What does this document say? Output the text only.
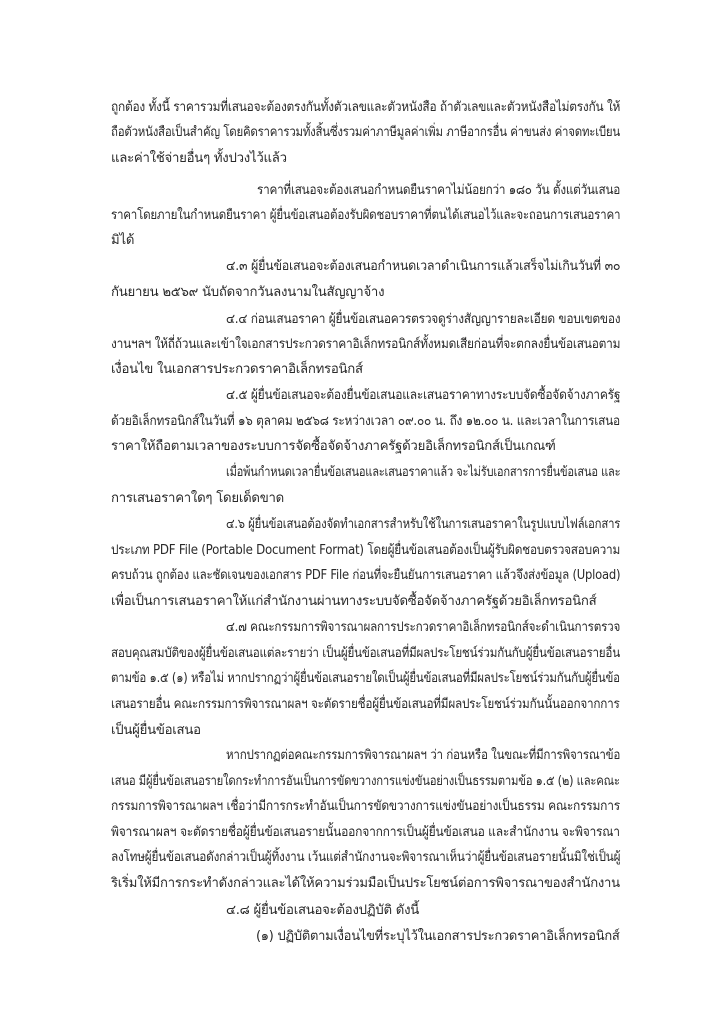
ถูกต้อง ทั้งนี้ ราคารวมที่เสนอจะต้องตรงกันทั้งตัวเลขและตัวหนังสือ ถ้าตัวเลขและตัวหนังสือไม่ตรงกัน ให้
ถือตัวหนังสือเป็นสำคัญ โดยคิดราคารวมทั้งสิ้นซึ่งรวมค่าภาษีมูลค่าเพิ่ม ภาษีอากรอื่น ค่าขนส่ง ค่าจดทะเบียน
และค่าใช้จ่ายอื่นๆ ทั้งปวงไว้แล้ว
ราคาที่เสนอจะต้องเสนอกำหนดยืนราคาไม่น้อยกว่า ๑๘๐ วัน ตั้งแต่วันเสนอ
ราคาโดยภายในกำหนดยืนราคา ผู้ยื่นข้อเสนอต้องรับผิดชอบราคาที่ตนได้เสนอไว้และจะถอนการเสนอราคา
มิได้
๔.๓ ผู้ยื่นข้อเสนอจะต้องเสนอกำหนดเวลาดำเนินการแล้วเสร็จไม่เกินวันที่ ๓๐
กันยายน ๒๕๖๙ นับถัดจากวันลงนามในสัญญาจ้าง
๔.๔ ก่อนเสนอราคา ผู้ยื่นข้อเสนอควรตรวจดูร่างสัญญารายละเอียด ขอบเขตของ
งานฯลฯ ให้ถี่ถ้วนและเข้าใจเอกสารประกวดราคาอิเล็กทรอนิกส์ทั้งหมดเสียก่อนที่จะตกลงยื่นข้อเสนอตาม
เงื่อนไข ในเอกสารประกวดราคาอิเล็กทรอนิกส์
๔.๕ ผู้ยื่นข้อเสนอจะต้องยื่นข้อเสนอและเสนอราคาทางระบบจัดซื้อจัดจ้างภาครัฐ
ด้วยอิเล็กทรอนิกส์ในวันที่ ๑๖ ตุลาคม ๒๕๖๘ ระหว่างเวลา ๐๙.๐๐ น. ถึง ๑๒.๐๐ น. และเวลาในการเสนอ
ราคาให้ถือตามเวลาของระบบการจัดซื้อจัดจ้างภาครัฐด้วยอิเล็กทรอนิกส์เป็นเกณฑ์
เมื่อพ้นกำหนดเวลายื่นข้อเสนอและเสนอราคาแล้ว จะไม่รับเอกสารการยื่นข้อเสนอ และ
การเสนอราคาใดๆ โดยเด็ดขาด
๔.๖ ผู้ยื่นข้อเสนอต้องจัดทำเอกสารสำหรับใช้ในการเสนอราคาในรูปแบบไฟล์เอกสาร
ประเภท PDF File (Portable Document Format) โดยผู้ยื่นข้อเสนอต้องเป็นผู้รับผิดชอบตรวจสอบความ
ครบถ้วน ถูกต้อง และชัดเจนของเอกสาร PDF File ก่อนที่จะยืนยันการเสนอราคา แล้วจึงส่งข้อมูล (Upload)
เพื่อเป็นการเสนอราคาให้แก่สำนักงานผ่านทางระบบจัดซื้อจัดจ้างภาครัฐด้วยอิเล็กทรอนิกส์
๔.๗ คณะกรรมการพิจารณาผลการประกวดราคาอิเล็กทรอนิกส์จะดำเนินการตรวจ
สอบคุณสมบัติของผู้ยื่นข้อเสนอแต่ละรายว่า เป็นผู้ยื่นข้อเสนอที่มีผลประโยชน์ร่วมกันกับผู้ยื่นข้อเสนอรายอื่น
ตามข้อ ๑.๕ (๑) หรือไม่ หากปรากฏว่าผู้ยื่นข้อเสนอรายใดเป็นผู้ยื่นข้อเสนอที่มีผลประโยชน์ร่วมกันกับผู้ยื่นข้อ
เสนอรายอื่น คณะกรรมการพิจารณาผลฯ จะตัดรายชื่อผู้ยื่นข้อเสนอที่มีผลประโยชน์ร่วมกันนั้นออกจากการ
เป็นผู้ยื่นข้อเสนอ
หากปรากฏต่อคณะกรรมการพิจารณาผลฯ ว่า ก่อนหรือ ในขณะที่มีการพิจารณาข้อ
เสนอ มีผู้ยื่นข้อเสนอรายใดกระทำการอันเป็นการขัดขวางการแข่งขันอย่างเป็นธรรมตามข้อ ๑.๕ (๒) และคณะ
กรรมการพิจารณาผลฯ เชื่อว่ามีการกระทำอันเป็นการขัดขวางการแข่งขันอย่างเป็นธรรม คณะกรรมการ
พิจารณาผลฯ จะตัดรายชื่อผู้ยื่นข้อเสนอรายนั้นออกจากการเป็นผู้ยื่นข้อเสนอ และสำนักงาน จะพิจารณา
ลงโทษผู้ยื่นข้อเสนอดังกล่าวเป็นผู้ทิ้งงาน เว้นแต่สำนักงานจะพิจารณาเห็นว่าผู้ยื่นข้อเสนอรายนั้นมิใช่เป็นผู้
ริเริ่มให้มีการกระทำดังกล่าวและได้ให้ความร่วมมือเป็นประโยชน์ต่อการพิจารณาของสำนักงาน
๔.๘ ผู้ยื่นข้อเสนอจะต้องปฏิบัติ ดังนี้
(๑) ปฏิบัติตามเงื่อนไขที่ระบุไว้ในเอกสารประกวดราคาอิเล็กทรอนิกส์
